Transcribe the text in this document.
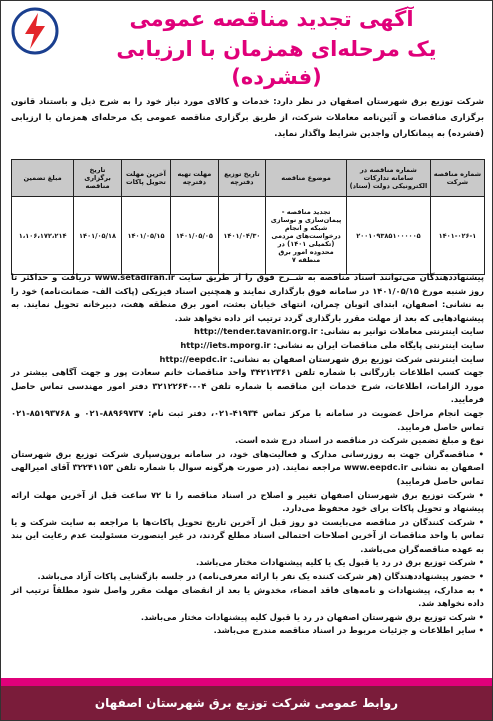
آگهی تجدید مناقصه عمومی
یک مرحله‌ای همزمان با ارزیابی (فشرده)
شرکت توزیع برق شهرستان اصفهان در نظر دارد: خدمات و کالای مورد نیاز خود را به شرح ذیل و باستناد قانون برگزاری مناقصات و آئین‌نامه معاملات شرکت، از طریق برگزاری مناقصه عمومی یک مرحله‌ای همزمان با ارزیابی (فشرده) به پیمانکاران واجدین شرایط واگذار نماید.
شماره مناقصه شرکت	شماره مناقصه در سامانه تدارکات الکترونیکی دولت (ستاد)	موضوع مناقصه	تاریخ توزیع دفترچه	مهلت تهیه دفترچه	آخرین مهلت تحویل پاکات	تاریخ برگزاری مناقصه	مبلغ تضمین
۱۴۰۱-۰۲۶-۱	۲۰۰۱۰۹۳۸۵۱۰۰۰۰۰۵	تجدید مناقصه - پیمان‌سازی و نوسازی شبکه و انجام درخواست‌های مردمی (تکمیلی ۱۴۰۱) در محدوده امور برق منطقه ۷	۱۴۰۱/۰۴/۳۰	۱۴۰۱/۰۵/۰۵	۱۴۰۱/۰۵/۱۵	۱۴۰۱/۰۵/۱۸	۱،۱۰۶،۱۷۲،۲۱۴

پیشنهاددهندگان می‌توانند اسناد مناقصه به شــرح فوق را از طریق سایت www.setadiran.ir دریافت و حداکثر تا روز شنبه مورخ ۱۴۰۱/۰۵/۱۵ در سامانه فوق بارگذاری نمایند و همچنین اسناد فیزیکی (پاکت الف- ضمانت‌نامه) خود را به نشانی: اصفهان، ابتدای اتوبان چمران، انتهای خیابان بعثت، امور برق منطقه هفت، دبیرخانه تحویل نمایند. به پیشنهادهایی که بعد از مهلت مقرر بارگذاری گردد ترتیب اثر داده نخواهد شد.

سایت اینترنتی معاملات توانیر به نشانی: http://tender.tavanir.org.ir

سایت اینترنتی پایگاه ملی مناقصات ایران به نشانی: http://iets.mporg.ir

سایت اینترنتی شرکت توزیع برق شهرستان اصفهان به نشانی: http://eepdc.ir

جهت کسب اطلاعات بازرگانی با شماره تلفن ۳۴۲۱۲۳۶۱ واحد مناقصات خانم سعادت پور و جهت آگاهی بیشتر در مورد الزامات، اطلاعات، شرح خدمات این مناقصه با شماره تلفن ۰۴-۳۲۱۲۲۶۴۰ دفتر امور مهندسی تماس حاصل فرمایید.

جهت انجام مراحل عضویت در سامانه با مرکز تماس ۴۱۹۳۴-۰۲۱، دفتر ثبت نام: ۸۸۹۶۹۷۳۷-۰۲۱ و ۸۵۱۹۳۷۶۸-۰۲۱ تماس حاصل فرمایید.

نوع و مبلغ تضمین شرکت در مناقصه در اسناد درج شده است.

• مناقصه‌گران جهت به روزرسانی مدارک و فعالیت‌های خود، در سامانه برون‌سپاری شرکت توزیع برق شهرستان اصفهان به نشانی www.eepdc.ir مراجعه نمایند. (در صورت هرگونه سوال با شماره تلفن ۳۲۲۴۱۱۵۳ آقای امیرالهی تماس حاصل فرمایید)

• شرکت توزیع برق شهرستان اصفهان تغییر و اصلاح در اسناد مناقصه را تا ۷۲ ساعت قبل از آخرین مهلت ارائه پیشنهاد و تحویل پاکات برای خود محفوظ می‌دارد.

• شرکت کنندگان در مناقصه می‌بایست دو روز قبل از آخرین تاریخ تحویل پاکات‌ها با مراجعه به سایت شرکت و یا تماس با واحد مناقصات از آخرین اصلاحات احتمالی اسناد مطلع گردند، در غیر اینصورت مسئولیت عدم رعایت این بند به عهده مناقصه‌گران می‌باشد.

• شرکت توزیع برق در رد یا قبول یک یا کلیه پیشنهادات مختار می‌باشد.

• حضور پیشنهاددهندگان (هر شرکت کننده یک نفر با ارائه معرفی‌نامه) در جلسه بازگشایی پاکات آزاد می‌باشد.

• به مدارک، پیشنهادات و نامه‌های فاقد امضاء، مخدوش یا بعد از انقضای مهلت مقرر واصل شود مطلقاً ترتیب اثر داده نخواهد شد.

• شرکت توزیع برق شهرستان اصفهان در رد یا قبول کلیه پیشنهادات مختار می‌باشد.

• سایر اطلاعات و جزئیات مربوط در اسناد مناقصه مندرج می‌باشد.

روابط عمومی شرکت توزیع برق شهرستان اصفهان
